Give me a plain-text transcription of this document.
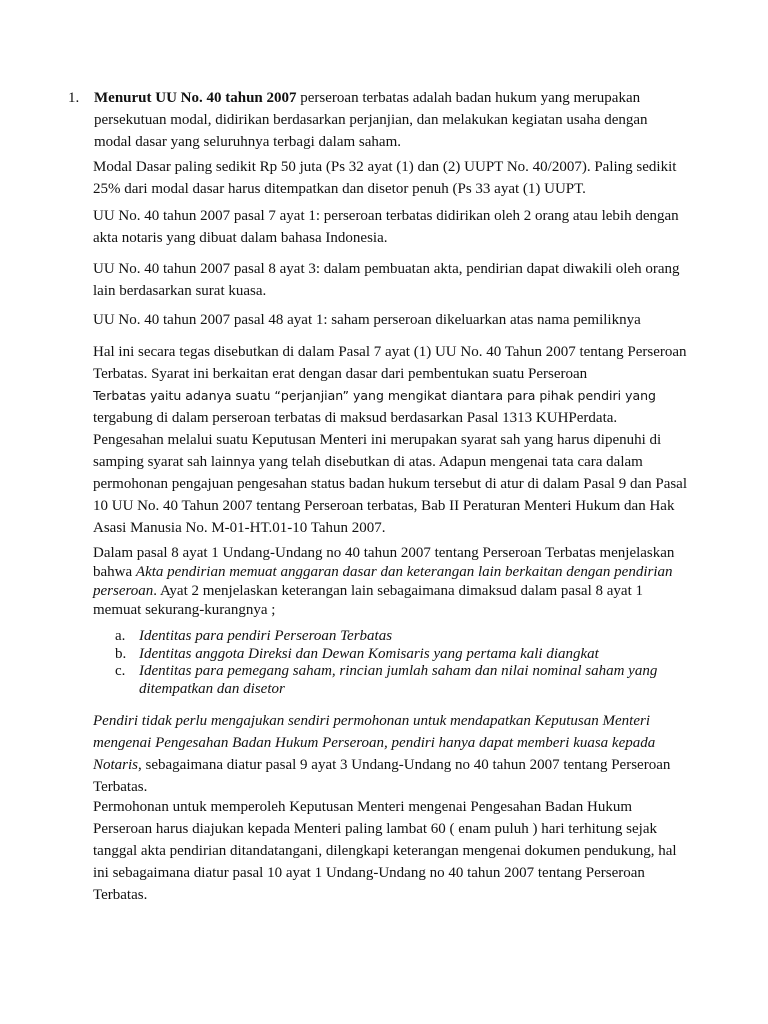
1. Menurut UU No. 40 tahun 2007 perseroan terbatas adalah badan hukum yang merupakan persekutuan modal, didirikan berdasarkan perjanjian, dan melakukan kegiatan usaha dengan modal dasar yang seluruhnya terbagi dalam saham.

Modal Dasar paling sedikit Rp 50 juta (Ps 32 ayat (1) dan (2) UUPT No. 40/2007). Paling sedikit 25% dari modal dasar harus ditempatkan dan disetor penuh (Ps 33 ayat (1) UUPT.

UU No. 40 tahun 2007 pasal 7 ayat 1: perseroan terbatas didirikan oleh 2 orang atau lebih dengan akta notaris yang dibuat dalam bahasa Indonesia.

UU No. 40 tahun 2007 pasal 8 ayat 3: dalam pembuatan akta, pendirian dapat diwakili oleh orang lain berdasarkan surat kuasa.

UU No. 40 tahun 2007 pasal 48 ayat 1: saham perseroan dikeluarkan atas nama pemiliknya

Hal ini secara tegas disebutkan di dalam Pasal 7 ayat (1) UU No. 40 Tahun 2007 tentang Perseroan Terbatas. Syarat ini berkaitan erat dengan dasar dari pembentukan suatu Perseroan
Terbatas yaitu adanya suatu “perjanjian” yang mengikat diantara para pihak pendiri yang
tergabung di dalam perseroan terbatas di maksud berdasarkan Pasal 1313 KUHPerdata.

Pengesahan melalui suatu Keputusan Menteri ini merupakan syarat sah yang harus dipenuhi di samping syarat sah lainnya yang telah disebutkan di atas. Adapun mengenai tata cara dalam permohonan pengajuan pengesahan status badan hukum tersebut di atur di dalam Pasal 9 dan Pasal 10 UU No. 40 Tahun 2007 tentang Perseroan terbatas, Bab II Peraturan Menteri Hukum dan Hak Asasi Manusia No. M-01-HT.01-10 Tahun 2007.

Dalam pasal 8 ayat 1 Undang-Undang no 40 tahun 2007 tentang Perseroan Terbatas menjelaskan bahwa Akta pendirian memuat anggaran dasar dan keterangan lain berkaitan dengan pendirian perseroan. Ayat 2 menjelaskan keterangan lain sebagaimana dimaksud dalam pasal 8 ayat 1 memuat sekurang-kurangnya ;

a. Identitas para pendiri Perseroan Terbatas
b. Identitas anggota Direksi dan Dewan Komisaris yang pertama kali diangkat
c. Identitas para pemegang saham, rincian jumlah saham dan nilai nominal saham yang ditempatkan dan disetor

Pendiri tidak perlu mengajukan sendiri permohonan untuk mendapatkan Keputusan Menteri mengenai Pengesahan Badan Hukum Perseroan, pendiri hanya dapat memberi kuasa kepada Notaris, sebagaimana diatur pasal 9 ayat 3 Undang-Undang no 40 tahun 2007 tentang Perseroan Terbatas.

Permohonan untuk memperoleh Keputusan Menteri mengenai Pengesahan Badan Hukum Perseroan harus diajukan kepada Menteri paling lambat 60 ( enam puluh ) hari terhitung sejak tanggal akta pendirian ditandatangani, dilengkapi keterangan mengenai dokumen pendukung, hal ini sebagaimana diatur pasal 10 ayat 1 Undang-Undang no 40 tahun 2007 tentang Perseroan Terbatas.
